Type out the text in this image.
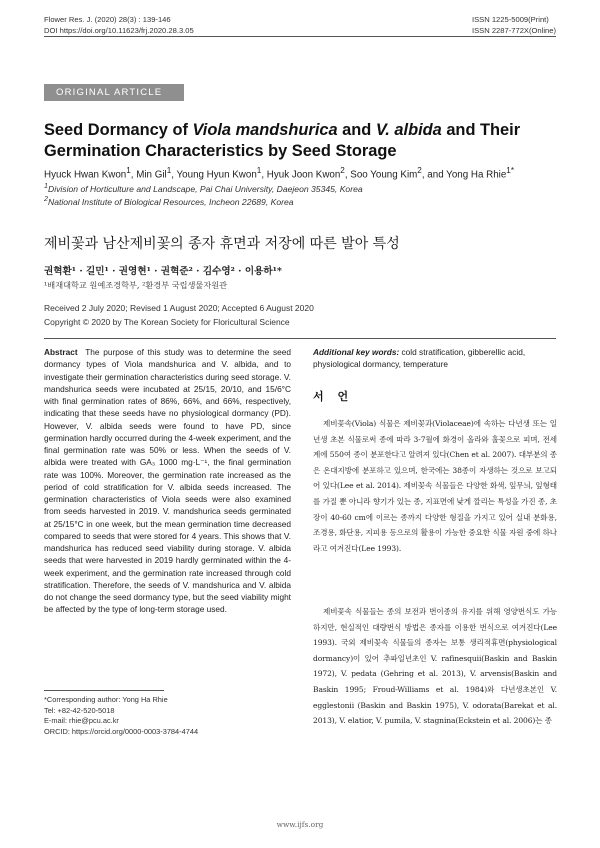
Flower Res. J. (2020) 28(3) : 139-146
DOI https://doi.org/10.11623/frj.2020.28.3.05
ISSN 1225-5009(Print)
ISSN 2287-772X(Online)
ORIGINAL ARTICLE
Seed Dormancy of Viola mandshurica and V. albida and Their
Germination Characteristics by Seed Storage
Hyuck Hwan Kwon$^1$, Min Gil$^1$, Young Hyun Kwon$^1$, Hyuk Joon Kwon$^2$, Soo Young Kim$^2$, and Yong Ha Rhie$^{1*}$
$^1$Division of Horticulture and Landscape, Pai Chai University, Daejeon 35345, Korea
$^2$National Institute of Biological Resources, Incheon 22689, Korea
제비꽃과 남산제비꽃의 종자 휴면과 저장에 따른 발아 특성
권혁환¹ · 길민¹ · 권영현¹ · 권혁준² · 김수영² · 이용하¹*
¹배재대학교 원예조경학부, ²환경부 국립생물자원관
Received 2 July 2020; Revised 1 August 2020; Accepted 6 August 2020
Copyright © 2020 by The Korean Society for Floricultural Science
Abstract The purpose of this study was to determine the seed dormancy types of Viola mandshurica and V. albida, and to investigate their germination characteristics during seed storage. V. mandshurica seeds were incubated at 25/15, 20/10, and 15/6°C with final germination rates of 86%, 66%, and 66%, respectively, indicating that these seeds have no physiological dormancy (PD). However, V. albida seeds were found to have PD, since germination hardly occurred during the 4-week experiment, and the final germination rate was 50% or less. When the seeds of V. albida were treated with GA₃ 1000 mg·L⁻¹, the final germination rate was 100%. Moreover, the germination rate increased as the period of cold stratification for V. albida seeds increased. The germination characteristics of Viola seeds were also examined from seeds harvested in 2019. V. mandshurica seeds germinated at 25/15°C in one week, but the mean germination time decreased compared to seeds that were stored for 4 years. This shows that V. mandshurica has reduced seed viability during storage. V. albida seeds that were harvested in 2019 hardly germinated within the 4-week experiment, and the germination rate increased through cold stratification. Therefore, the seeds of V. mandshurica and V. albida do not change the seed dormancy type, but the seed viability might be affected by the type of long-term storage used.
*Corresponding author: Yong Ha Rhie
Tel: +82-42-520-5018
E-mail: rhie@pcu.ac.kr
ORCID: https://orcid.org/0000-0003-3784-4744
Additional key words: cold stratification, gibberellic acid, physiological dormancy, temperature
서 언

제비꽃속(Viola) 식물은 제비꽃과(Violaceae)에 속하는 다년생 또는 일년생 초본 식물로써 종에 따라 3-7월에 화경이 올라와 홀꽃으로 피며, 전세계에 550여 종이 분포한다고 알려져 있다(Chen et al. 2007). 대부분의 종은 온대지방에 분포하고 있으며, 한국에는 38종이 자생하는 것으로 보고되어 있다(Lee et al. 2014). 제비꽃속 식물들은 다양한 화색, 잎무늬, 잎형태를 가질 뿐 아니라 향기가 있는 종, 지표면에 낮게 깔리는 특성을 가진 종, 초장이 40-60 cm에 이르는 종까지 다양한 형질을 가지고 있어 실내 분화용, 조경용, 화단용, 지피용 등으로의 활용이 가능한 중요한 식물 자원 중에 하나라고 여겨진다(Lee 1993).

제비꽃속 식물들는 종의 보전과 번이종의 유지를 위해 영양번식도 가능하지만, 현실적인 대량번식 방법은 종자를 이용한 번식으로 여겨진다(Lee 1993). 국외 제비꽃속 식물들의 종자는 보통 생리적휴면(physiological dormancy)이 있어 추파일년초인 V. rafinesquii(Baskin and Baskin 1972), V. pedata (Gehring et al. 2013), V. arvensis(Baskin and Baskin 1995; Froud-Williams et al. 1984)와 다년생초본인 V. egglestonii (Baskin and Baskin 1975), V. odorata(Barekat et al. 2013), V. elatior, V. pumila, V. stagnina(Eckstein et al. 2006)는 종

www.ijfs.org
